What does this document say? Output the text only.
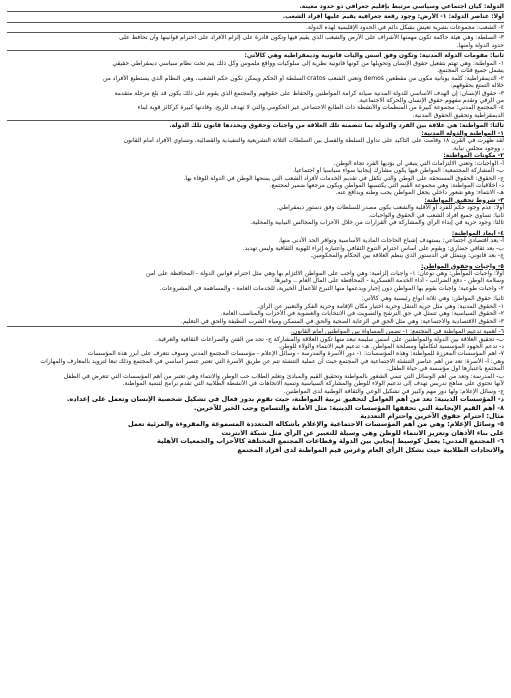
الدولة: كيان اجتماعي وسياسي مرتبط بإقليم جغرافي ذو حدود معينة.
أولاً: عناصر الدولة: ١- الأرض: وجود رقعة جغرافية يقيم عليها أفراد الشعب.
٢- الشعب: مجموعات بشرية تعيش بشكل دائم في الحدود الإقليمية لهذه الدولة.
٣- السلطة: وهي هيئة حاكمة تكون مهمتها الأشراف على الأرض والشعب الذي يقيم فيها وتكون قادرة على إلزام الأفراد على احترام قوانينها وأن تحافظ على
حدود الدولة وأمنها.
ثانياً: مقومات الدولة المدنية: وتكون وفق أسس وآليات قانونية وديمقراطية وهي كالآتي:
١- المواطنة: وهي تهتم بتفعيل حقوق الإنسان وتحويلها من كونها قانونية نظرية إلى سلوكيات وواقع ملموس وكل ذلك يتم تحت نظام سياسي ديمقراطي حقيقي
يشمل جميع فئات المجتمع.
٢- الديمقراطية: كلمة يونانية مكون من مقطعين demos وتعني الشعب cratos السلطة أو الحكم ويمكن تكون حكم الشعب، وهي النظام الذي يستطيع الأفراد من
خلاله التمتع بحقوقهم.
٣- حقوق الإنسان: إن الهدف الأساسي للدولة المدنية صيانة كرامة المواطنين والحفاظ على حقوقهم والمجتمع الذي يقوم على ذلك يكون قد بلغ مرحلة متقدمة
من الرقي وتقدم مفهوم حقوق الإنسان والحركة الاجتماعية.
٤- المجتمع المدني: مجموعة كبيرة من المنظمات والأنشطة ذات الطابع الاجتماعي غير الحكومي والتي لا تهدف للربح، وقادتها كبيرة كركائز قوية لبناء
الديمقراطية وتحقيق الحقوق المدنية.
ثالثاً: المواطنة: هي علاقة بين الفرد والدولة بما تتضمنه تلك العلاقة من واجبات وحقوق ويحددها قانون تلك الدولة.
١- المواطنة والدولة المدنية:
لقد ظهرت في القرن ١٨ وقامت على التأكيد على تداول السلطة والفصل بين السلطات الثلاثة التشريعية والتنفيذية والقضائية، وتساوي الأفراد أمام القانون
، ووجود مجلس نيابة.
٢- مكونات المواطنة:
أ- الواجبات: وتعني الالتزامات التي ينبغي أن يؤديها الفرد تجاه الوطن.
ب- المشاركة المجتمعية: المواطن فيها يكون مشارك إيجابيا سواء سياسيا أو اجتماعيا.
ج- الحقوق: الحقوق المستحقة على الوطن والتي تكفل في تقديم الخدمات لأفراد الشعب التي يمنحها الوطن في الدولة للوفاء بها.
د- أخلاقيات المواطنة: وهي مجموعة القيم التي يكتسبها المواطن ويكون مرجعها ضمير لمجتمع.
هـ- الانتماء: وهو شعور داخلي يجعل المواطن يحب وطنه ويدافع عنه.
٣- شروط تحقيق المواطنة:
أولاً: عدم وجود حكم للفرد أو الأقلية والشعب يكون مصدر للسلطات وفق دستور ديمقراطي.
ثانياً: تساوي جميع أفراد الشعب في الحقوق والواجبات.
ثالثاً: وجود حرية في إبداء الرأي والمشاركة في القرارات من خلال الأحزاب والمجالس النيابية والمحلية.
٤- أبعاد المواطنة:
أ- بعد اقتصادي اجتماعي: يستهدف إشباع الحاجات المادية الأساسية وتوافر الحد الأدنى منها.
ب- بعد ثقافي حضاري: ويقوم على أساس احترام التنوع الثقافي واعتباره إثراء للهوية الثقافية وليس تهديد.
ج- بعد قانوني: ويتمثل في الدستور الذي ينظم العلاقة بين الحكام والمحكومين.
٥- واجبات وحقوق المواطن:
أولاً: واجبات المواطن: وهي نوعان: ١- واجبات إلزامية: وهي واجب على المواطن الالتزام بها وهي مثل احترام قوانين الدولة - المحافظة على أمن
وسلامة الوطن - دفع الضرائب - أداء الخدمة العسكرية - المحافظة على المال العام .. وغيرها.
٢- واجبات طوعية: واجبات يقوم بها المواطن دون إجبار ويدعمها منها التبرع للأعمال الخيرية، للخدمات العامة - والمساهمة في المشروعات.
ثانياً: حقوق المواطن: وهي ثلاثة أنواع رئيسية وهي كالآتي:
١- الحقوق المدنية: وهي مثل حرية التنقل وحرية اختيار مكان الإقامة وحرية الفكر والتعبير عن الرأي.
٢- الحقوق السياسية: وهي تتمثل في حق الترشح والتصويت في الانتخابات والعضوية في الأحزاب والمناصب العامة.
٣- الحقوق الاقتصادية والاجتماعية: وهي مثل الحق في الرعاية الصحية والحق في المسكن ومياه الشرب النظيفة والحق في التعليم.
٦- أهمية تدعيم المواطنة في المجتمع: ١- تضمن المساواة بين المواطنين أمام القانون.
ب- تحقيق العلاقة بين الدولة والمواطنين على أسس سليمة تبعد منها تكون العلاقة والمشاركة ج- تحد من الفتن والصراعات الثقافية والعرقية.
د- تدعم الجهود المؤسسية لتكاملها ومصلحة المواطن. هـ- تدعيم قيم الانتماء والولاء للوطن.
٧- أهم المؤسسات المعززة للمواطنة: وهذه المؤسسات: ١- دور الأسرة والمدرسة - وسائل الإعلام - مؤسسات المجتمع المدني وسوف نتعرف على أبرز هذه المؤسسات
وهي: أ- الأسرة: تعد من أهم عناصر التنشئة الاجتماعية في المجتمع حيث أن عملية التنشئة تتم عن طريق الأسرة التي تعتبر عنصر أساسي في المجتمع وذلك تبعاً لتزويد بالمعارف والمهارات
المجتمع باعتبارها أول مؤسسة في حياة الطفل.
ب- المدرسة: وتعد من أهم الوسائل التي تنمي الشعور بالمواطنة وتحقيق القيم والمبادئ وتعلم الطلاب حب الوطن والانتماء وهي تعتبر من أهم المؤسسات التي تتعرض في الطفل
لأنها تحتوي على مناهج تدريس تهدف إلى تدعيم الولاء للوطن والمشاركة السياسية وتنمية الاتجاهات في الأنشطة الطلابية التي تقدم برامج لتنمية المواطنة.
ج- وسائل الإعلام: ولها دور مهم وكبير في تشكيل الوعي والثقافة الوطنية لدى المواطنين.
د- المؤسسات الدينية: تعد من أهم العوامل لتحقيق تربية المواطنة، حيث تقوم بدور فعال في تشكيل شخصية الإنسان وتعمل على إعداده.
٨- أهم القيم الإيجابية التي تحققها المؤسسات الدينية: مثل الأمانة والتسامح وحب الخير للآخرين.
مثال: احترام حقوق الآخرين واحترام التعددية
٥- وسائل الإعلام: وهي من أهم المؤسسات الاجتماعية والإعلام بأشكاله المتعددة المسموعة والمقروءة والمرئية تعمل
على بناء الأذهان وتعزيز الانتماء للوطن وهي وسيلة للتعبير عن الرأي مثل شبكة الانترنت
٦- المجتمع المدني: يعمل كوسيط إيجابي بين الدولة وقطاعات المجتمع المختلفة كالأحزاب والجمعيات الأهلية
والاتحادات الطلابية حيث تشكل الرأي العام وغرس قيم المواطنة لدى أفراد المجتمع
